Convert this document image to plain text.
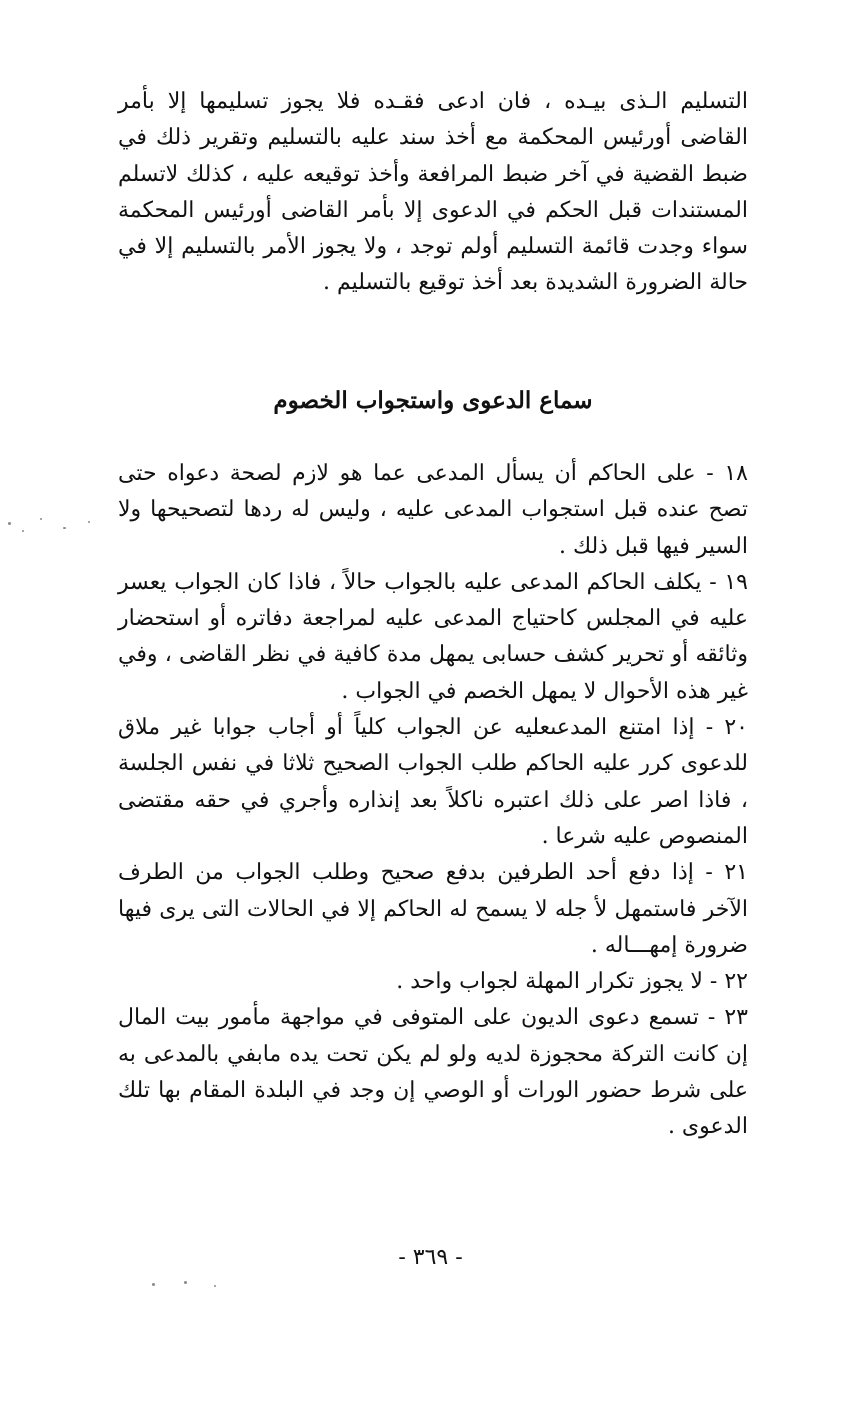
التسليم الـذى بيـده ، فان ادعى فقـده فلا يجوز تسليمها إلا بأمر القاضى أورئيس المحكمة مع أخذ سند عليه بالتسليم وتقرير ذلك في ضبط القضية في آخر ضبط المرافعة وأخذ توقيعه عليه ، كذلك لاتسلم المستندات قبل الحكم في الدعوى إلا بأمر القاضى أورئيس المحكمة سواء وجدت قائمة التسليم أولم توجد ، ولا يجوز الأمر بالتسليم إلا في حالة الضرورة الشديدة بعد أخذ توقيع بالتسليم .

سماع الدعوى واستجواب الخصوم

١٨ - على الحاكم أن يسأل المدعى عما هو لازم لصحة دعواه حتى تصح عنده قبل استجواب المدعى عليه ، وليس له ردها لتصحيحها ولا السير فيها قبل ذلك .

١٩ - يكلف الحاكم المدعى عليه بالجواب حالاً ، فاذا كان الجواب يعسر عليه في المجلس كاحتياج المدعى عليه لمراجعة دفاتره أو استحضار وثائقه أو تحرير كشف حسابى يمهل مدة كافية في نظر القاضى ، وفي غير هذه الأحوال لا يمهل الخصم في الجواب .

٢٠ - إذا امتنع المدعىعليه عن الجواب كلياً أو أجاب جوابا غير ملاق للدعوى كرر عليه الحاكم طلب الجواب الصحيح ثلاثا في نفس الجلسة ، فاذا اصر على ذلك اعتبره ناكلاً بعد إنذاره وأجري في حقه مقتضى المنصوص عليه شرعا .

٢١ - إذا دفع أحد الطرفين بدفع صحيح وطلب الجواب من الطرف الآخر فاستمهل لأ جله لا يسمح له الحاكم إلا في الحالات التى يرى فيها ضرورة إمهـــاله .

٢٢ - لا يجوز تكرار المهلة لجواب واحد .

٢٣ - تسمع دعوى الديون على المتوفى في مواجهة مأمور بيت المال إن كانت التركة محجوزة لديه ولو لم يكن تحت يده مابفي بالمدعى به على شرط حضور الورات أو الوصي إن وجد في البلدة المقام بها تلك الدعوى .

- ٣٦٩ -
